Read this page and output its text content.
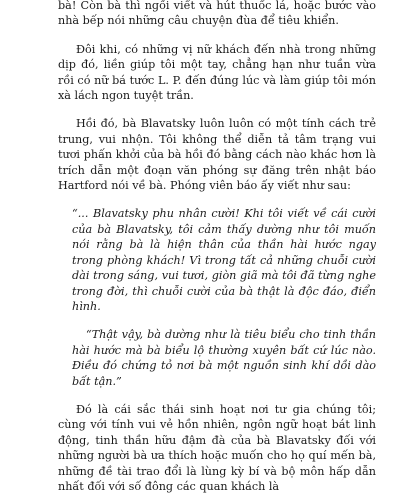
bà! Còn bà thì ngồi viết và hút thuốc lá, hoặc bước vào nhà bếp nói những câu chuyện đùa để tiêu khiển.

Đôi khi, có những vị nữ khách đến nhà trong những dịp đó, liền giúp tôi một tay, chẳng hạn như tuần vừa rồi có nữ bá tước L. P. đến đúng lúc và làm giúp tôi món xà lách ngon tuyệt trần.

Hồi đó, bà Blavatsky luôn luôn có một tính cách trẻ trung, vui nhộn. Tôi không thể diễn tả tâm trạng vui tươi phấn khởi của bà hồi đó bằng cách nào khác hơn là trích dẫn một đoạn văn phóng sự đăng trên nhật báo Hartford nói về bà. Phóng viên báo ấy viết như sau:

“... Blavatsky phu nhân cười! Khi tôi viết về cái cười của bà Blavatsky, tôi cảm thấy dường như tôi muốn nói rằng bà là hiện thân của thần hài hước ngay trong phòng khách! Vì trong tất cả những chuỗi cười dài trong sáng, vui tươi, giòn giã mà tôi đã từng nghe trong đời, thì chuỗi cười của bà thật là độc đáo, điển hình.

“Thật vậy, bà dường như là tiêu biểu cho tinh thần hài hước mà bà biểu lộ thường xuyên bất cứ lúc nào. Điều đó chứng tỏ nơi bà một nguồn sinh khí dồi dào bất tận.”

Đó là cái sắc thái sinh hoạt nơi tư gia chúng tôi; cùng với tính vui vẻ hồn nhiên, ngôn ngữ hoạt bát linh động, tinh thần hữu đậm đà của bà Blavatsky đối với những người bà ưa thích hoặc muốn cho họ quí mến bà, những đề tài trao đổi là lùng kỳ bí và bộ môn hấp dẫn nhất đối với số đông các quan khách là
